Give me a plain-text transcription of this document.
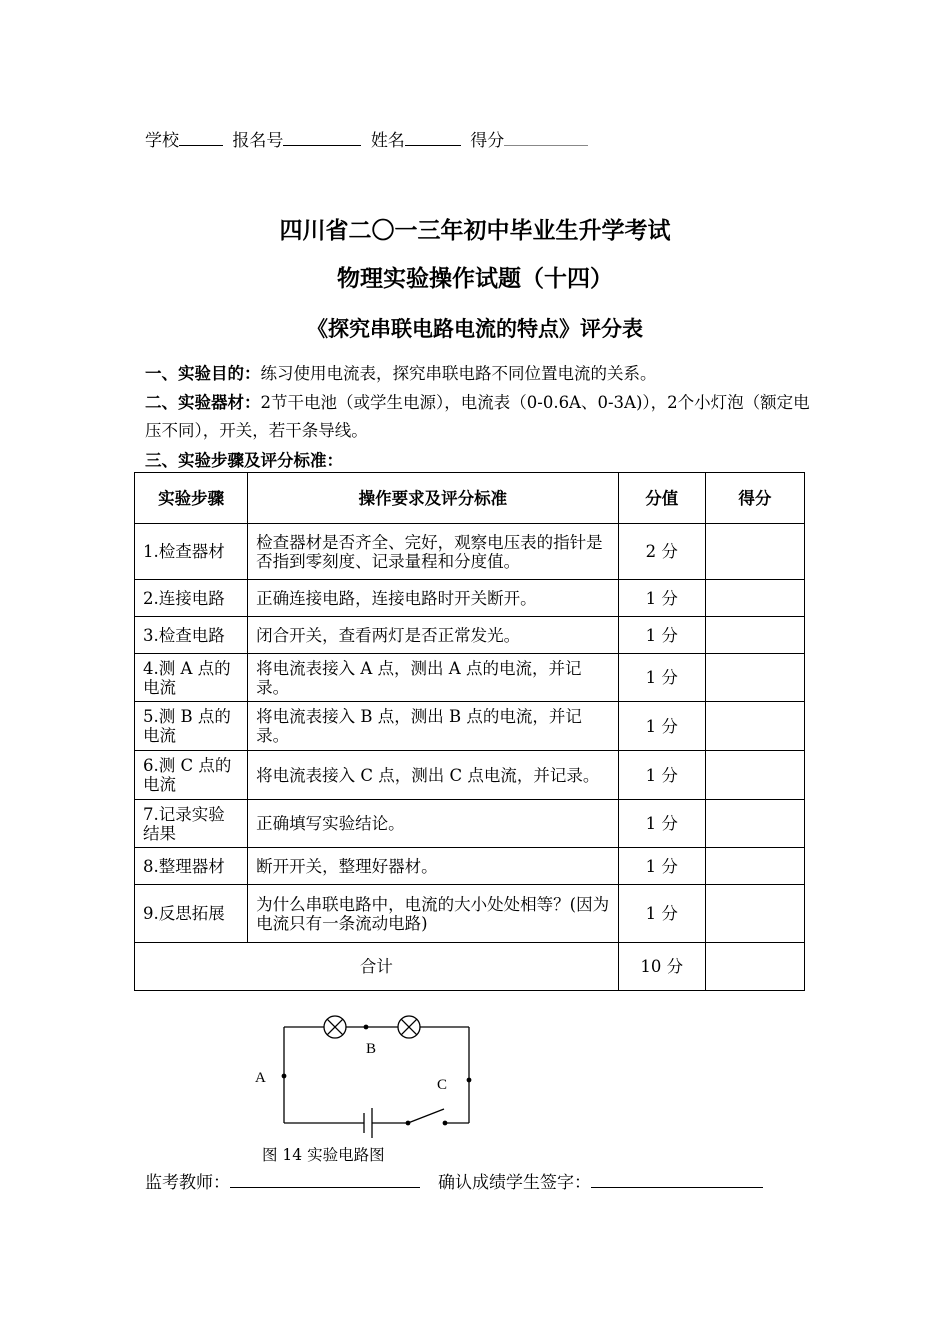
学校	报名号	姓名	得分
四川省二〇一三年初中毕业生升学考试
物理实验操作试题（十四）
《探究串联电路电流的特点》评分表
一、实验目的：练习使用电流表，探究串联电路不同位置电流的关系。
二、实验器材：2节干电池（或学生电源），电流表（0-0.6A、0-3A)），2个小灯泡（额定电压不同），开关，若干条导线。
三、实验步骤及评分标准：
实验步骤	操作要求及评分标准	分值	得分
1.检查器材	检查器材是否齐全、完好，观察电压表的指针是否指到零刻度、记录量程和分度值。	2 分	
2.连接电路	正确连接电路，连接电路时开关断开。	1 分	
3.检查电路	闭合开关，查看两灯是否正常发光。	1 分	
4.测 A 点的电流	将电流表接入 A 点，测出 A 点的电流，并记录。	1 分	
5.测 B 点的电流	将电流表接入 B 点，测出 B 点的电流，并记录。	1 分	
6.测 C 点的电流	将电流表接入 C 点，测出 C 点电流，并记录。	1 分	
7.记录实验结果	正确填写实验结论。	1 分	
8.整理器材	断开开关，整理好器材。	1 分	
9.反思拓展	为什么串联电路中，电流的大小处处相等？(因为电流只有一条流动电路)	1 分	
合计		10 分	
A
B
C
图 14 实验电路图
监考教师：	确认成绩学生签字：
